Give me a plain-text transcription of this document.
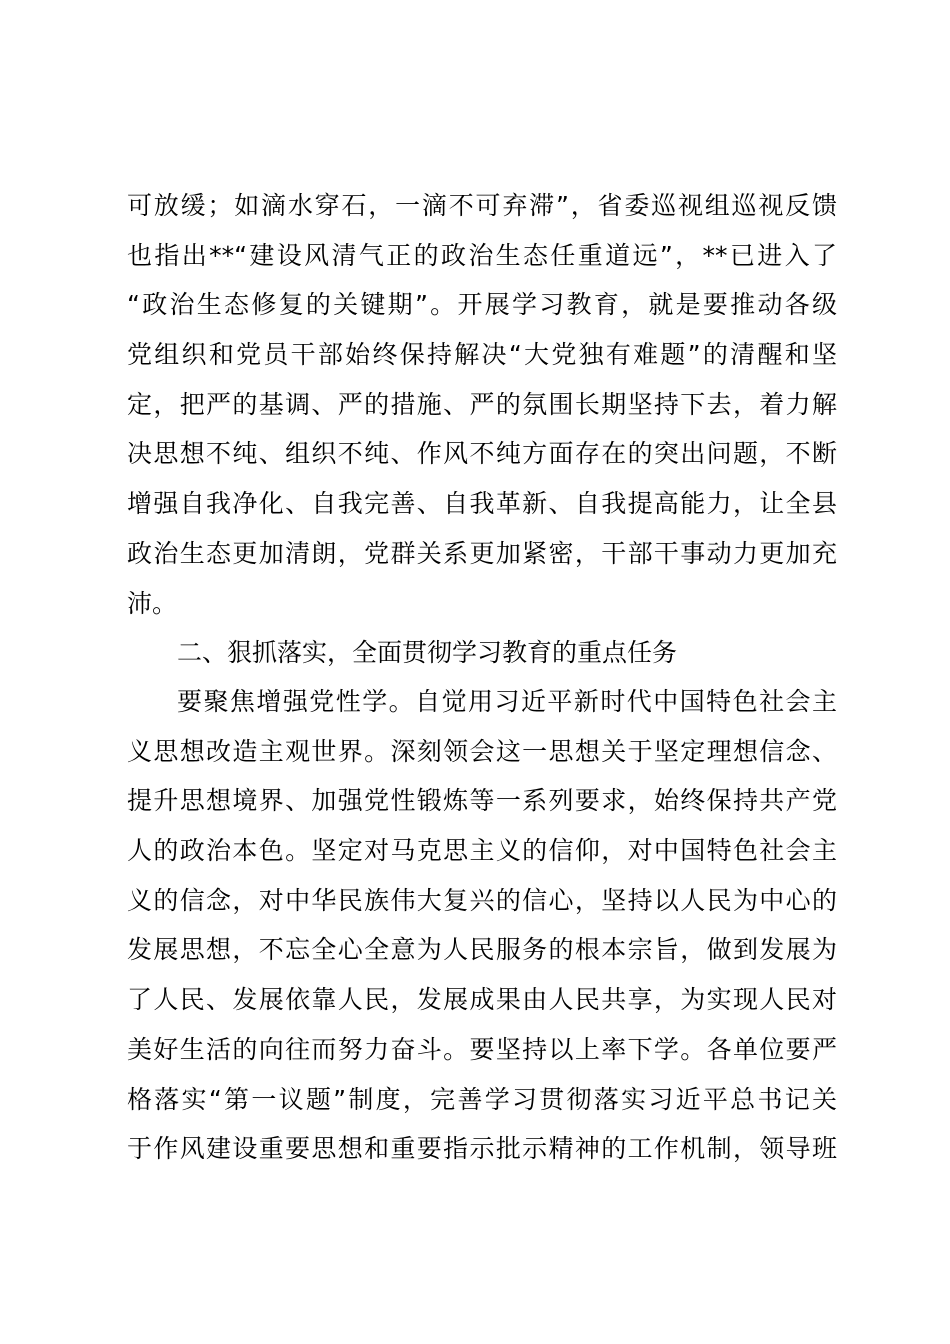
可放缓；如滴水穿石，一滴不可弃滞”，省委巡视组巡视反馈
也指出**“建设风清气正的政治生态任重道远”，**已进入了
“政治生态修复的关键期”。开展学习教育，就是要推动各级
党组织和党员干部始终保持解决“大党独有难题”的清醒和坚
定，把严的基调、严的措施、严的氛围长期坚持下去，着力解
决思想不纯、组织不纯、作风不纯方面存在的突出问题，不断
增强自我净化、自我完善、自我革新、自我提高能力，让全县
政治生态更加清朗，党群关系更加紧密，干部干事动力更加充
沛。
二、狠抓落实，全面贯彻学习教育的重点任务
要聚焦增强党性学。自觉用习近平新时代中国特色社会主
义思想改造主观世界。深刻领会这一思想关于坚定理想信念、
提升思想境界、加强党性锻炼等一系列要求，始终保持共产党
人的政治本色。坚定对马克思主义的信仰，对中国特色社会主
义的信念，对中华民族伟大复兴的信心，坚持以人民为中心的
发展思想，不忘全心全意为人民服务的根本宗旨，做到发展为
了人民、发展依靠人民，发展成果由人民共享，为实现人民对
美好生活的向往而努力奋斗。要坚持以上率下学。各单位要严
格落实“第一议题”制度，完善学习贯彻落实习近平总书记关
于作风建设重要思想和重要指示批示精神的工作机制，领导班
